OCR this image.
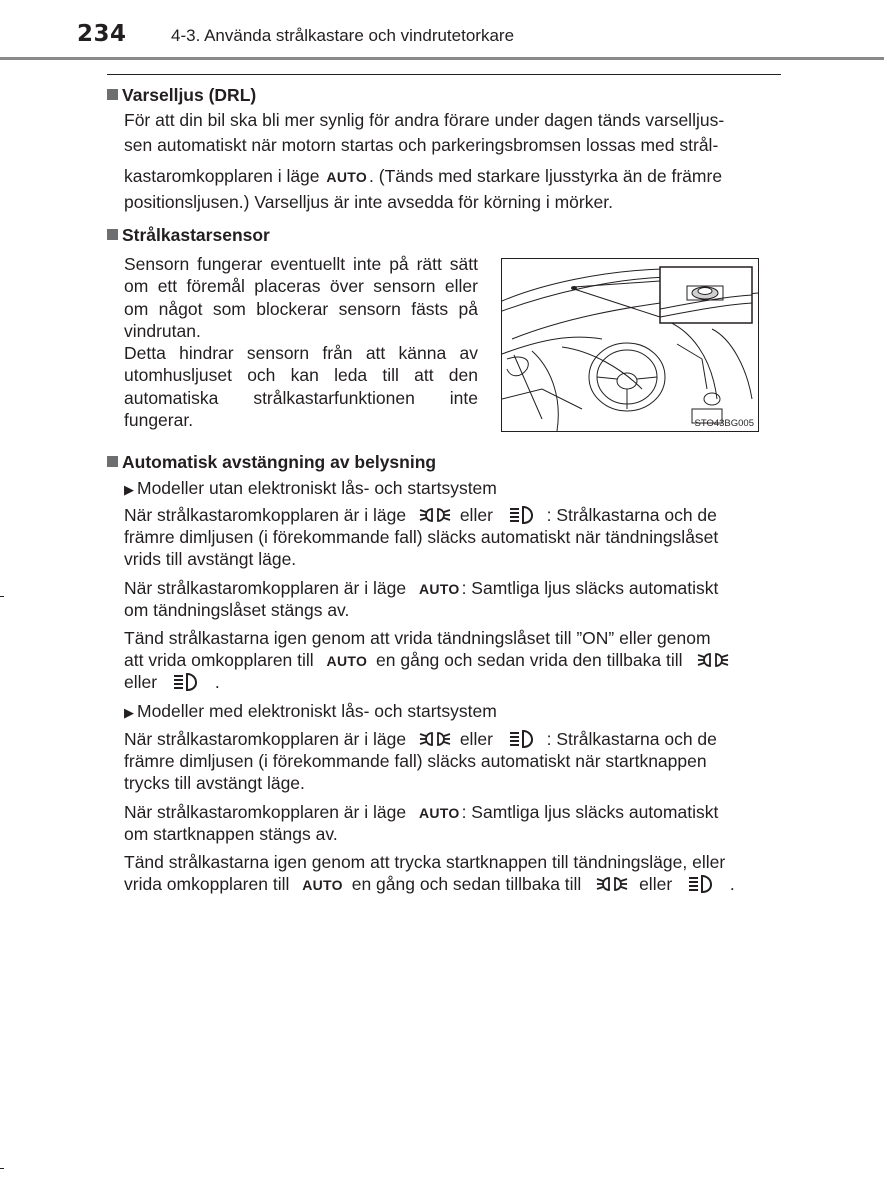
234	4-3. Använda strålkastare och vindrutetorkare
Varselljus (DRL)
För att din bil ska bli mer synlig för andra förare under dagen tänds varselljus-
sen automatiskt när motorn startas och parkeringsbromsen lossas med strål-
kastaromkopplaren i läge AUTO . (Tänds med starkare ljusstyrka än de främre
positionsljusen.) Varselljus är inte avsedda för körning i mörker.
Strålkastarsensor

Sensorn fungerar eventuellt inte på rätt sätt om ett föremål placeras över sensorn eller om något som blockerar sensorn fästs på vindrutan.

Detta hindrar sensorn från att känna av utomhusljuset och kan leda till att den automatiska strålkastarfunktionen inte fungerar.	STO43BG005
Automatisk avstängning av belysning
▶ Modeller utan elektroniskt lås- och startsystem
När strålkastaromkopplaren är i läge	eller	: Strålkastarna och de
främre dimljusen (i förekommande fall) släcks automatiskt när tändningslåset
vrids till avstängt läge.
När strålkastaromkopplaren är i läge AUTO : Samtliga ljus släcks automatiskt
om tändningslåset stängs av.
Tänd strålkastarna igen genom att vrida tändningslåset till ”ON” eller genom
att vrida omkopplaren till AUTO en gång och sedan vrida den tillbaka till
eller	.
▶ Modeller med elektroniskt lås- och startsystem
När strålkastaromkopplaren är i läge	eller	: Strålkastarna och de
främre dimljusen (i förekommande fall) släcks automatiskt när startknappen
trycks till avstängt läge.
När strålkastaromkopplaren är i läge AUTO : Samtliga ljus släcks automatiskt
om startknappen stängs av.
Tänd strålkastarna igen genom att trycka startknappen till tändningsläge, eller
vrida omkopplaren till AUTO en gång och sedan tillbaka till	eller	.
